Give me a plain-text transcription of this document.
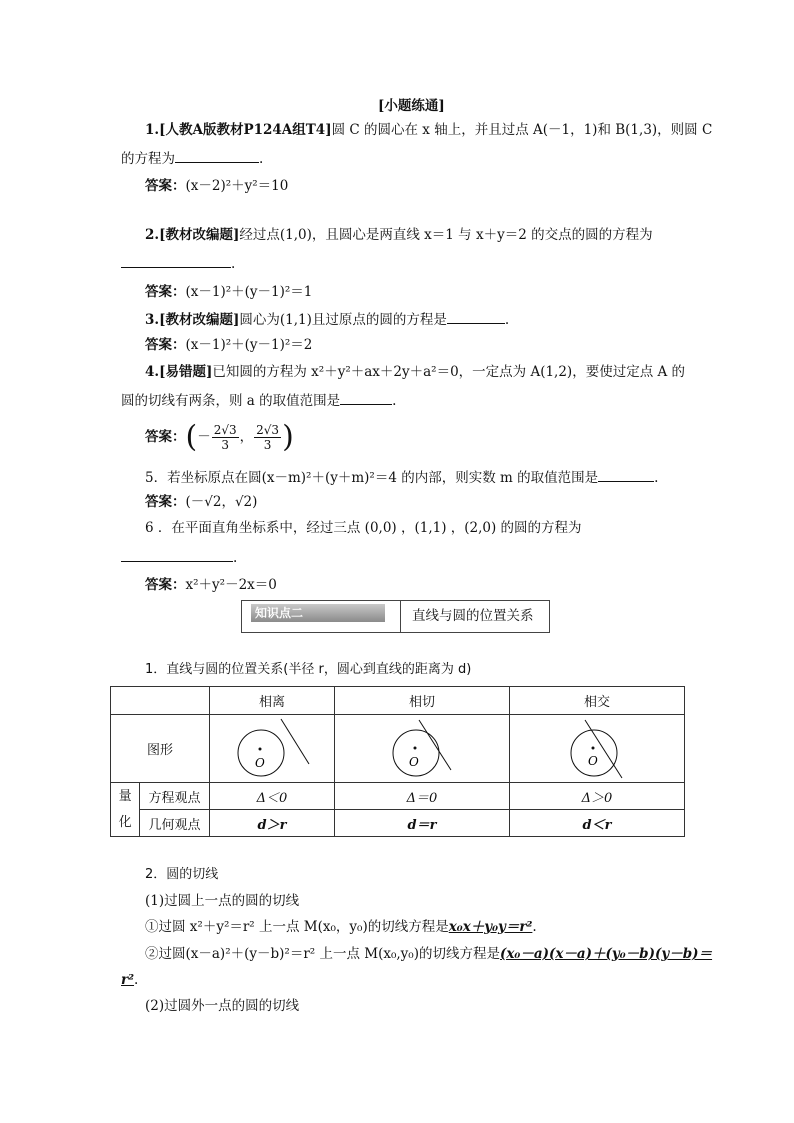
[小题练通]
1.[人教A版教材P124A组T4]圆 C 的圆心在 x 轴上，并且过点 A(－1，1)和 B(1,3)，则圆 C
的方程为	.
答案：(x－2)²＋y²＝10
2.[教材改编题]经过点(1,0)，且圆心是两直线 x＝1 与 x＋y＝2 的交点的圆的方程为
.
答案：(x－1)²＋(y－1)²＝1
3.[教材改编题]圆心为(1,1)且过原点的圆的方程是	.
答案：(x－1)²＋(y－1)²＝2
4.[易错题]已知圆的方程为 x²＋y²＋ax＋2y＋a²＝0，一定点为 A(1,2)，要使过定点 A 的
圆的切线有两条，则 a 的取值范围是	.
答案：(－ $\frac{2√3}{3}$ ， $\frac{2√3}{3}$ )
5．若坐标原点在圆(x－m)²＋(y＋m)²＝4 的内部，则实数 m 的取值范围是	.
答案：(－√2，√2)
6 ．在平面直角坐标系中，经过三点 (0,0) ，(1,1) ，(2,0) 的圆的方程为
.
答案：x²＋y²－2x＝0
知识点二	直线与圆的位置关系
1．直线与圆的位置关系(半径 r，圆心到直线的距离为 d)
		相离	相切	相交
图形		O	O	O

量
化	方程观点	Δ＜0	Δ＝0	Δ＞0
	几何观点	d＞r	d＝r	d＜r
2．圆的切线
(1)过圆上一点的圆的切线
①过圆 x²＋y²＝r² 上一点 M(x₀，y₀)的切线方程是x₀x＋y₀y＝r².
②过圆(x－a)²＋(y－b)²＝r² 上一点 M(x₀,y₀)的切线方程是(x₀－a)(x－a)＋(y₀－b)(y－b)＝
r².
(2)过圆外一点的圆的切线
